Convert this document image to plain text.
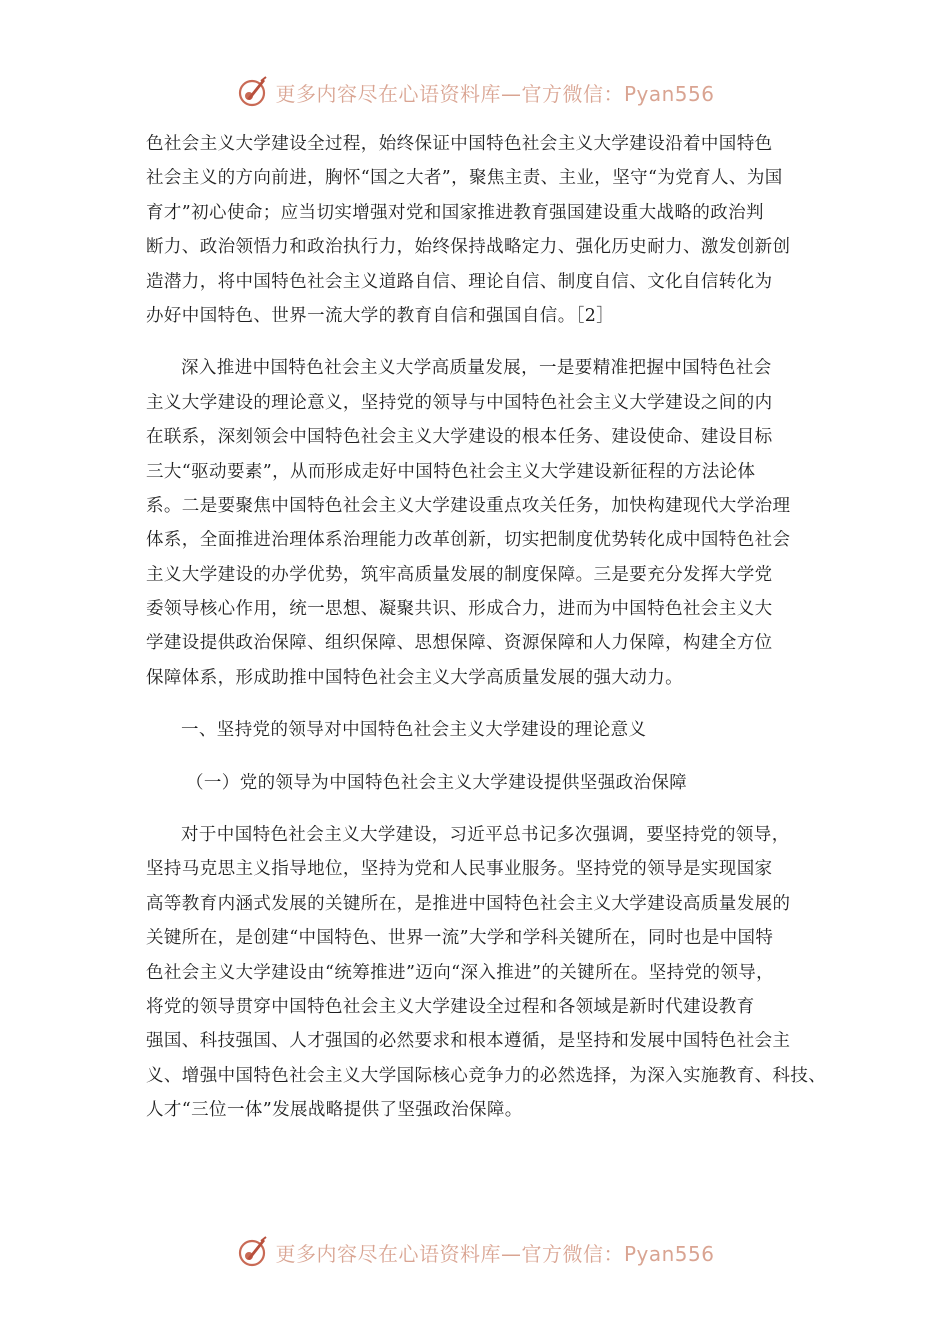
更多内容尽在心语资料库—官方微信：Pyan556
色社会主义大学建设全过程，始终保证中国特色社会主义大学建设沿着中国特色
社会主义的方向前进，胸怀“国之大者”，聚焦主责、主业，坚守“为党育人、为国
育才”初心使命；应当切实增强对党和国家推进教育强国建设重大战略的政治判
断力、政治领悟力和政治执行力，始终保持战略定力、强化历史耐力、激发创新创
造潜力，将中国特色社会主义道路自信、理论自信、制度自信、文化自信转化为
办好中国特色、世界一流大学的教育自信和强国自信。［2］
深入推进中国特色社会主义大学高质量发展，一是要精准把握中国特色社会
主义大学建设的理论意义，坚持党的领导与中国特色社会主义大学建设之间的内
在联系，深刻领会中国特色社会主义大学建设的根本任务、建设使命、建设目标
三大“驱动要素”，从而形成走好中国特色社会主义大学建设新征程的方法论体
系。二是要聚焦中国特色社会主义大学建设重点攻关任务，加快构建现代大学治理
体系，全面推进治理体系治理能力改革创新，切实把制度优势转化成中国特色社会
主义大学建设的办学优势，筑牢高质量发展的制度保障。三是要充分发挥大学党
委领导核心作用，统一思想、凝聚共识、形成合力，进而为中国特色社会主义大
学建设提供政治保障、组织保障、思想保障、资源保障和人力保障，构建全方位
保障体系，形成助推中国特色社会主义大学高质量发展的强大动力。
一、坚持党的领导对中国特色社会主义大学建设的理论意义
（一）党的领导为中国特色社会主义大学建设提供坚强政治保障
对于中国特色社会主义大学建设，习近平总书记多次强调，要坚持党的领导，
坚持马克思主义指导地位，坚持为党和人民事业服务。坚持党的领导是实现国家
高等教育内涵式发展的关键所在，是推进中国特色社会主义大学建设高质量发展的
关键所在，是创建“中国特色、世界一流”大学和学科关键所在，同时也是中国特
色社会主义大学建设由“统筹推进”迈向“深入推进”的关键所在。坚持党的领导，
将党的领导贯穿中国特色社会主义大学建设全过程和各领域是新时代建设教育
强国、科技强国、人才强国的必然要求和根本遵循，是坚持和发展中国特色社会主
义、增强中国特色社会主义大学国际核心竞争力的必然选择，为深入实施教育、科技、
人才“三位一体”发展战略提供了坚强政治保障。
更多内容尽在心语资料库—官方微信：Pyan556
